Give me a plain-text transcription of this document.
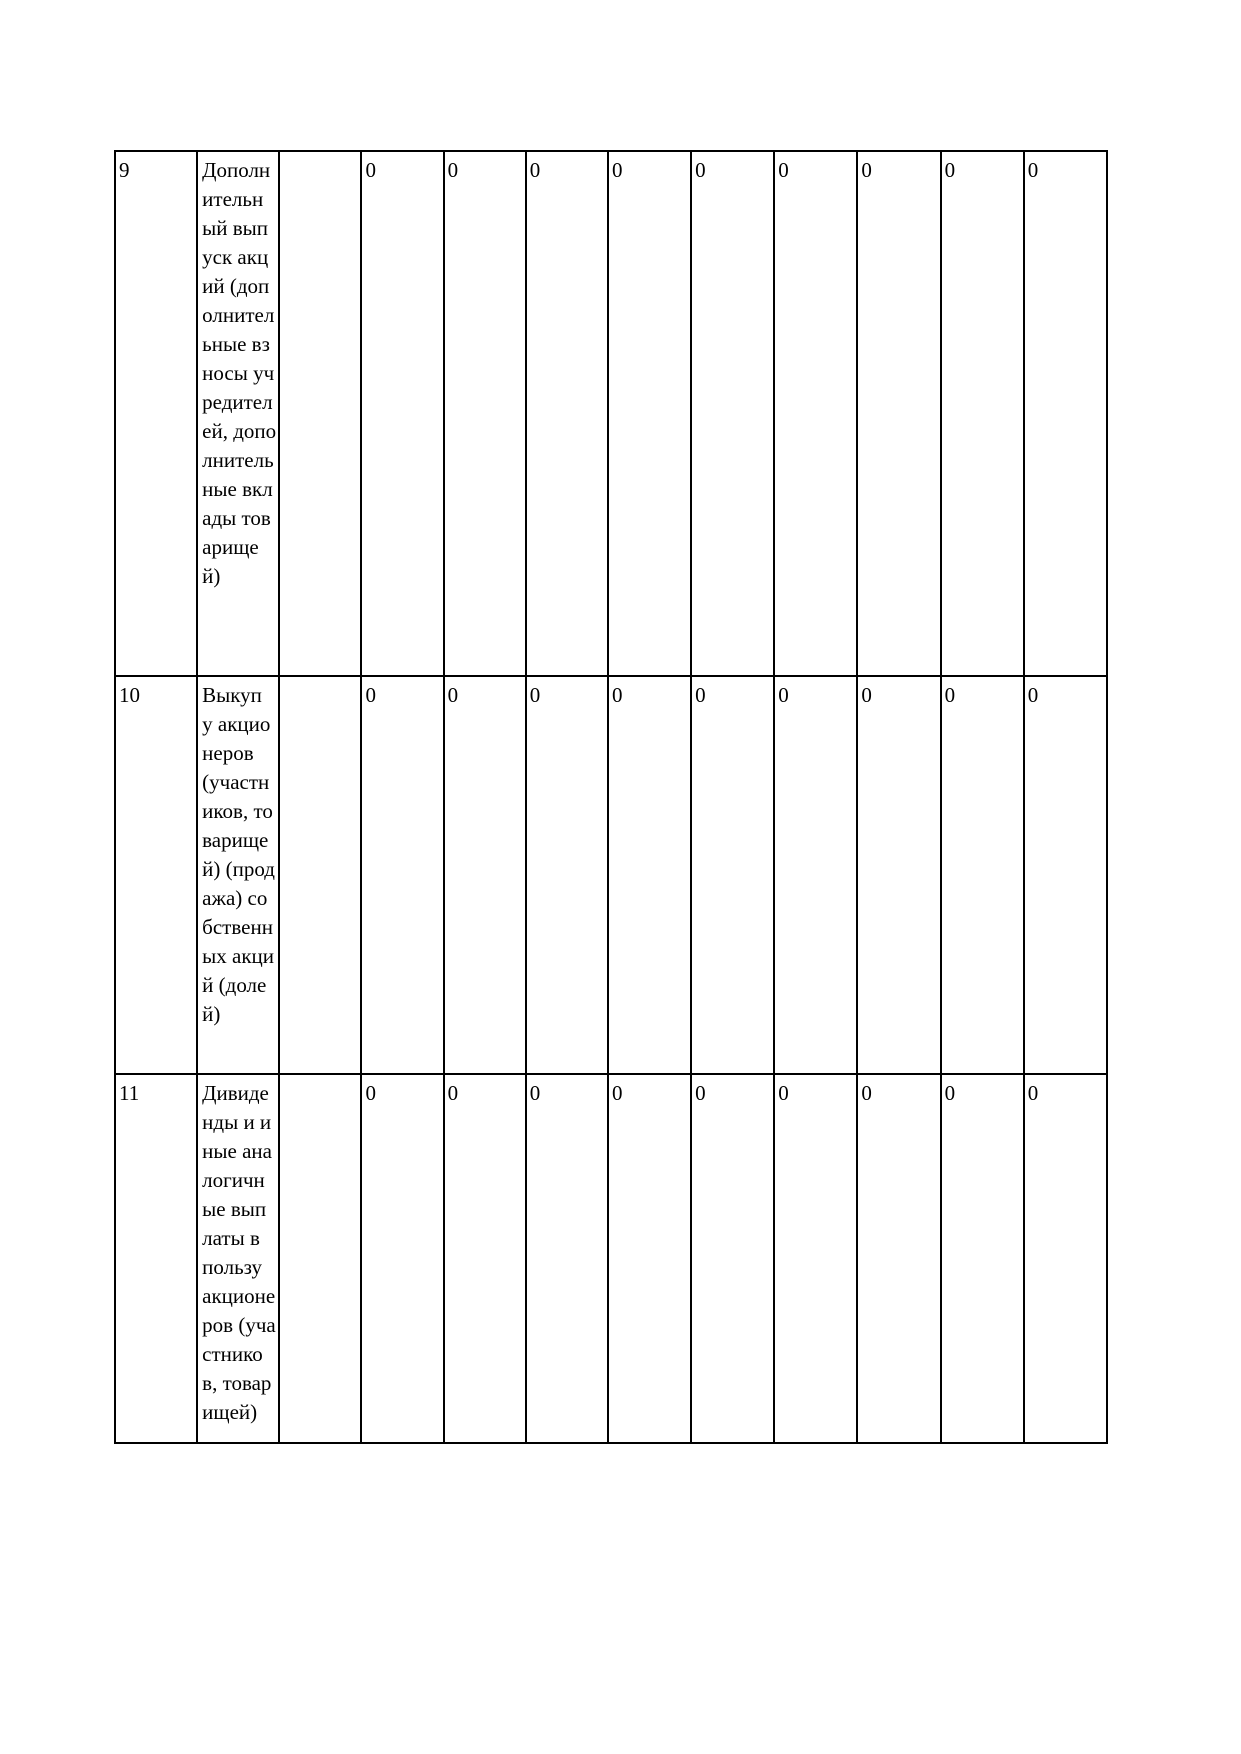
9	Дополнительный выпуск акций (дополнительные взносы учредителей, дополнительные вклады товарищей)		0	0	0	0	0	0	0	0	0

10	Выкуп у акционеров (участников, товарищей) (продажа) собственных акций (долей)		0	0	0	0	0	0	0	0	0

11	Дивиденды и иные аналогичные выплаты в пользу акционеров (участников, товарищей)		0	0	0	0	0	0	0	0	0
